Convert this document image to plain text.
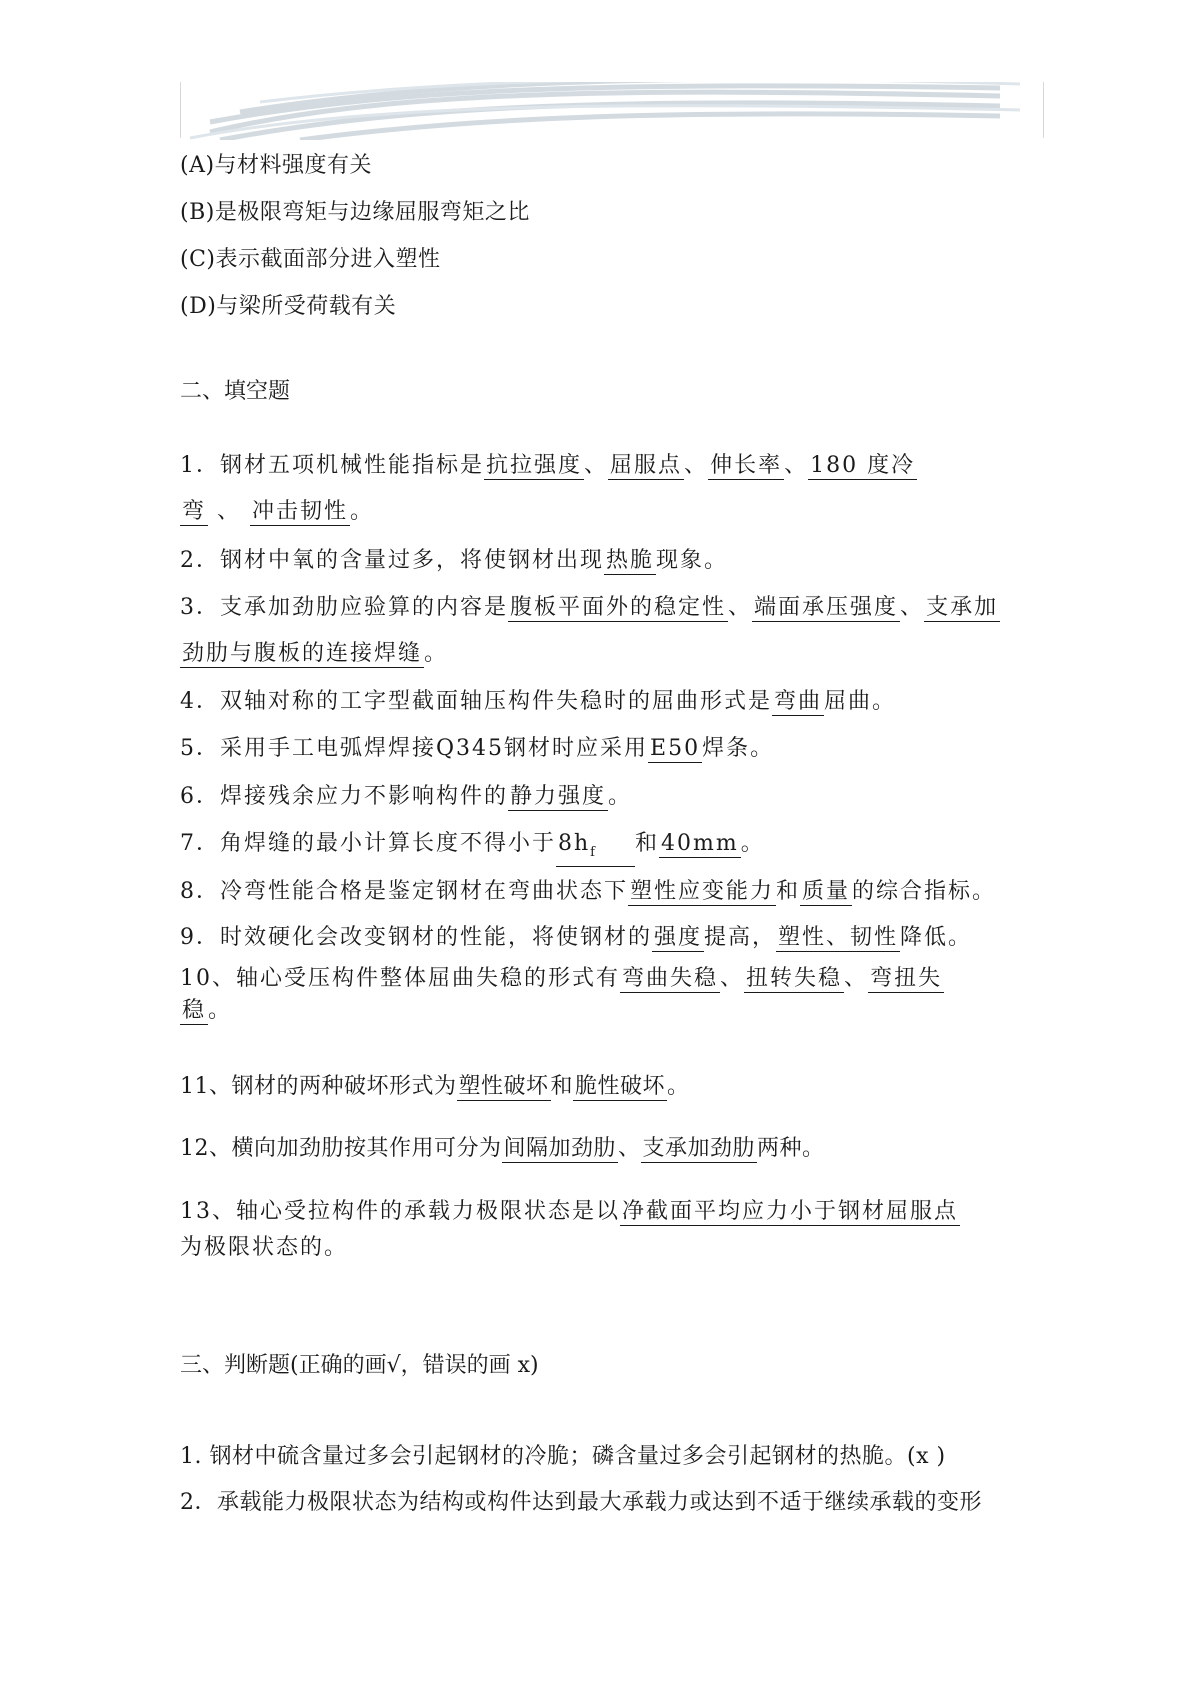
(A)与材料强度有关
(B)是极限弯矩与边缘屈服弯矩之比
(C)表示截面部分进入塑性
(D)与梁所受荷载有关
二、填空题
1．钢材五项机械性能指标是抗拉强度、屈服点、伸长率、180 度冷
弯 、 冲击韧性。
2．钢材中氧的含量过多，将使钢材出现热脆现象。
3．支承加劲肋应验算的内容是腹板平面外的稳定性、端面承压强度、支承加
劲肋与腹板的连接焊缝。
4．双轴对称的工字型截面轴压构件失稳时的屈曲形式是弯曲屈曲。
5．采用手工电弧焊焊接Q345钢材时应采用E50焊条。
6．焊接残余应力不影响构件的静力强度。
7．角焊缝的最小计算长度不得小于$8h_f$ 和40mm。
8．冷弯性能合格是鉴定钢材在弯曲状态下塑性应变能力和质量的综合指标。
9．时效硬化会改变钢材的性能，将使钢材的强度提高，塑性、韧性降低。
10、轴心受压构件整体屈曲失稳的形式有弯曲失稳、扭转失稳、弯扭失
稳。
11、钢材的两种破坏形式为塑性破坏和脆性破坏。
12、横向加劲肋按其作用可分为间隔加劲肋、支承加劲肋两种。
13、轴心受拉构件的承载力极限状态是以净截面平均应力小于钢材屈服点
为极限状态的。
三、判断题(正确的画√，错误的画 x)
1. 钢材中硫含量过多会引起钢材的冷脆；磷含量过多会引起钢材的热脆。(x )
2．承载能力极限状态为结构或构件达到最大承载力或达到不适于继续承载的变形
